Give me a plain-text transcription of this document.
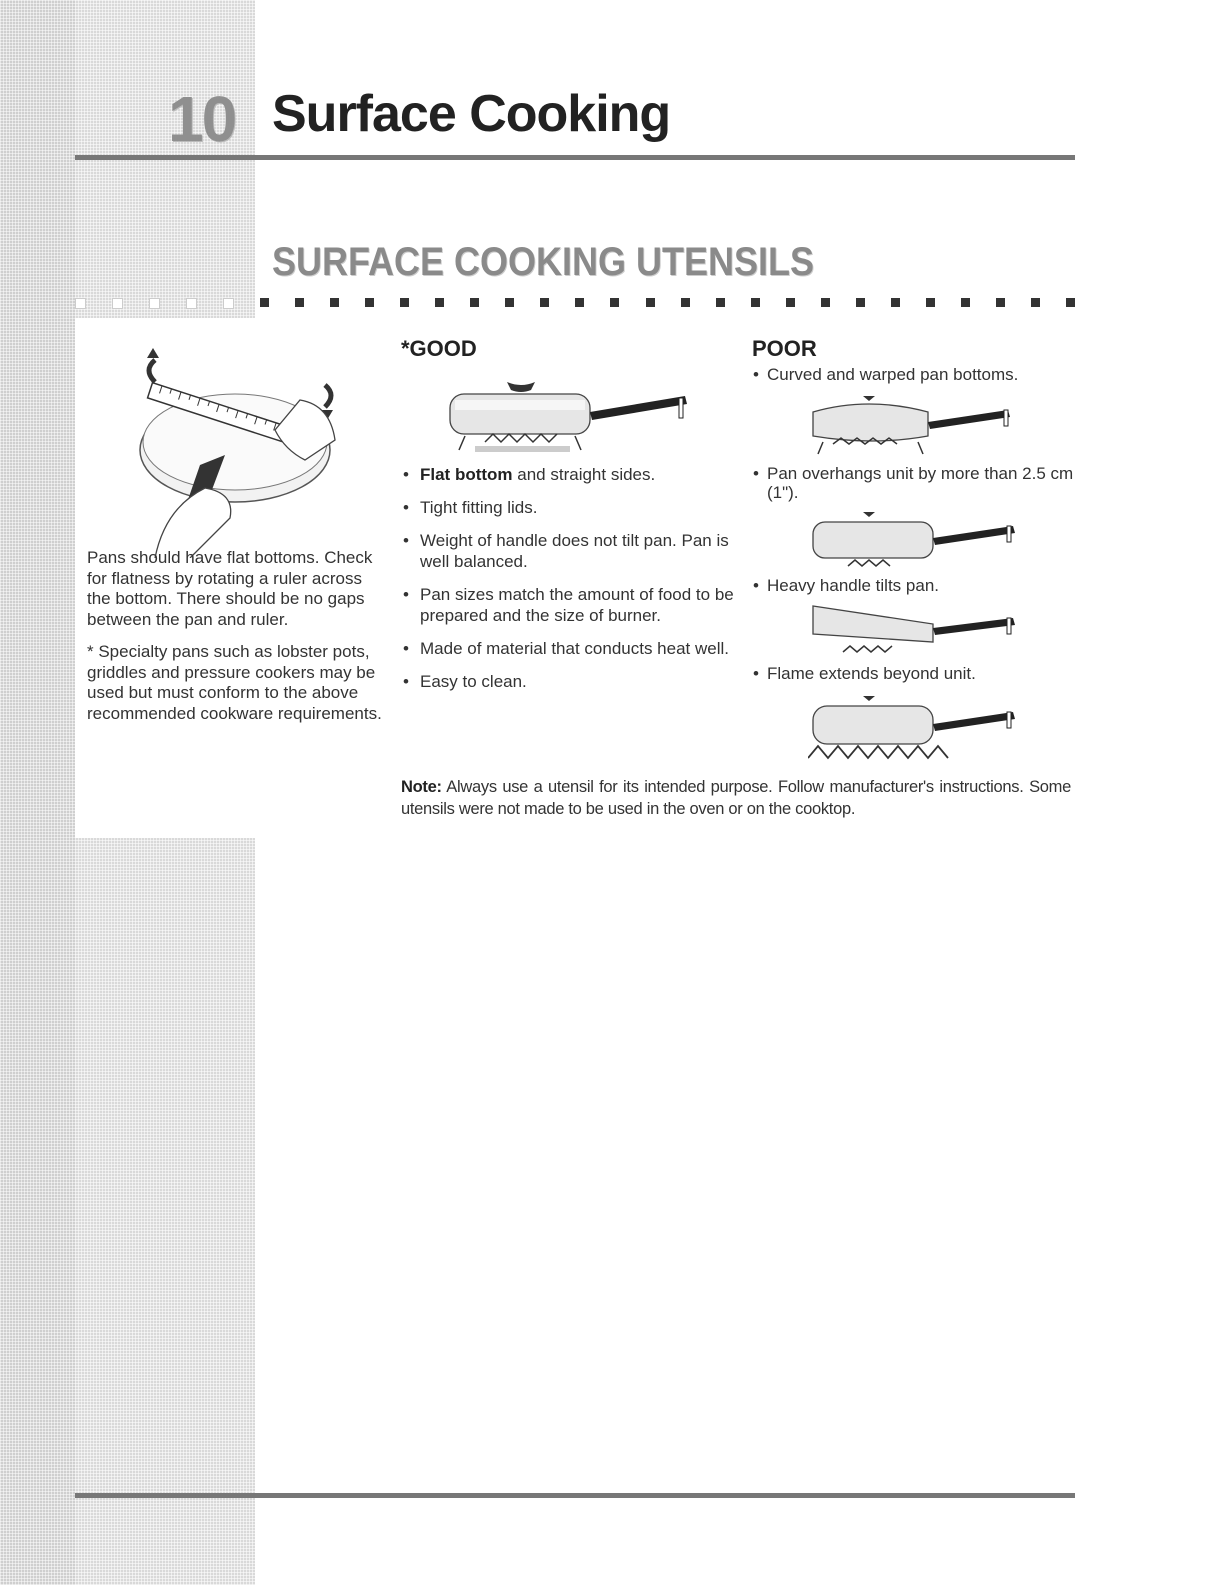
10 Surface Cooking
SURFACE COOKING UTENSILS

Pans should have flat bottoms. Check for flatness by rotating a ruler across the bottom. There should be no gaps between the pan and ruler.

* Specialty pans such as lobster pots, griddles and pressure cookers may be used but must conform to the above recommended cookware requirements.

*GOOD	POOR
• Flat bottom and straight sides.
• Tight fitting lids.
• Weight of handle does not tilt pan. Pan is well balanced.
• Pan sizes match the amount of food to be prepared and the size of burner.
• Made of material that conducts heat well.
• Easy to clean.
• Curved and warped pan bottoms.
• Pan overhangs unit by more than 2.5 cm (1").
• Heavy handle tilts pan.
• Flame extends beyond unit.
Note: Always use a utensil for its intended purpose. Follow manufacturer's instructions. Some utensils were not made to be used in the oven or on the cooktop.
